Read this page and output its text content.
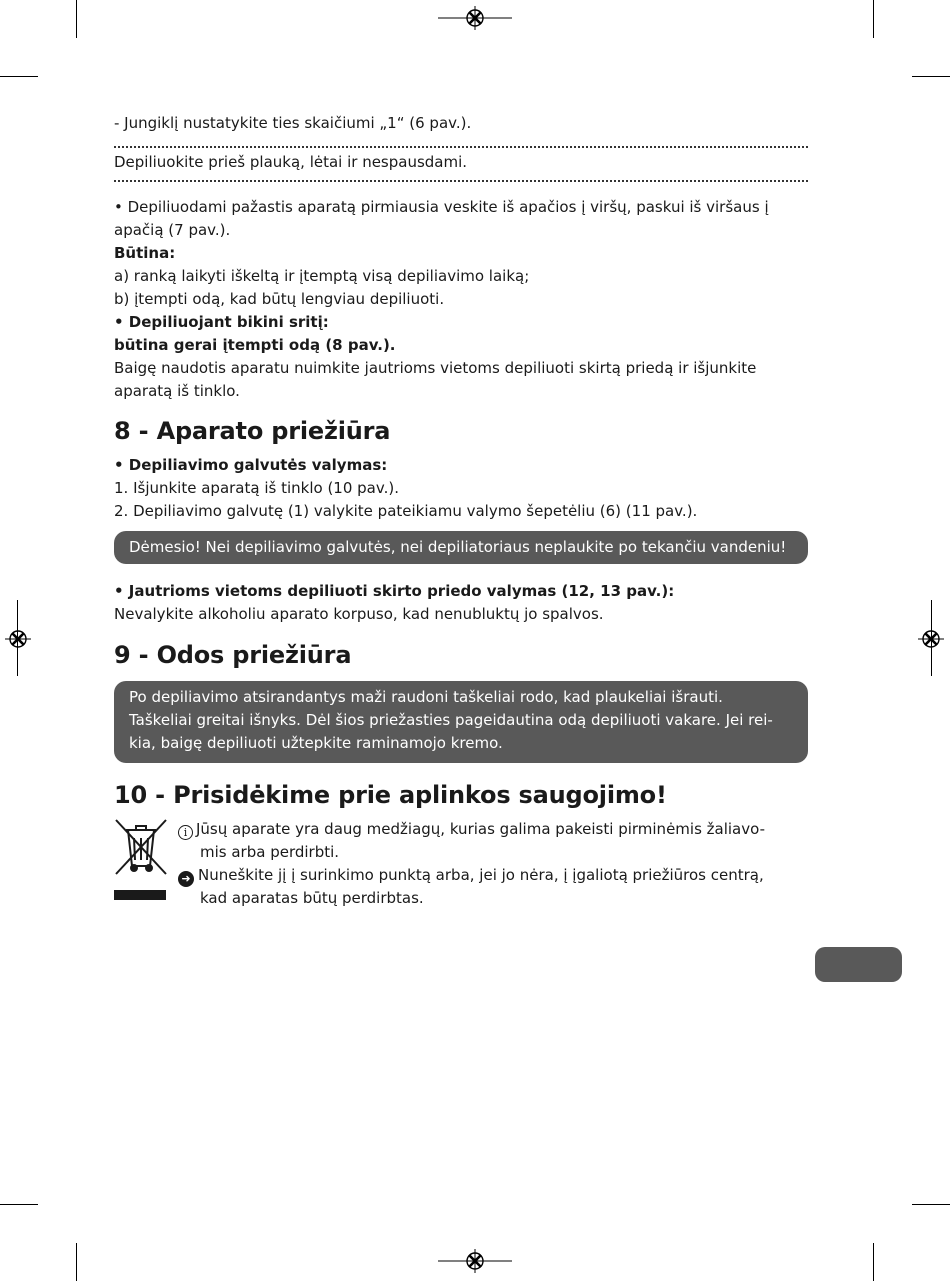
- Jungiklį nustatykite ties skaičiumi „1“ (6 pav.).

Depiliuokite prieš plauką, lėtai ir nespausdami.

• Depiliuodami pažastis aparatą pirmiausia veskite iš apačios į viršų, paskui iš viršaus į

apačią (7 pav.).

Būtina:

a) ranką laikyti iškeltą ir įtemptą visą depiliavimo laiką;

b) įtempti odą, kad būtų lengviau depiliuoti.

• Depiliuojant bikini sritį:

būtina gerai įtempti odą (8 pav.).

Baigę naudotis aparatu nuimkite jautrioms vietoms depiliuoti skirtą priedą ir išjunkite

aparatą iš tinklo.

8 - Aparato priežiūra

• Depiliavimo galvutės valymas:

1. Išjunkite aparatą iš tinklo (10 pav.).

2. Depiliavimo galvutę (1) valykite pateikiamu valymo šepetėliu (6) (11 pav.).

Dėmesio! Nei depiliavimo galvutės, nei depiliatoriaus neplaukite po tekančiu vandeniu!

• Jautrioms vietoms depiliuoti skirto priedo valymas (12, 13 pav.):

Nevalykite alkoholiu aparato korpuso, kad nenubluktų jo spalvos.

9 - Odos priežiūra

Po depiliavimo atsirandantys maži raudoni taškeliai rodo, kad plaukeliai išrauti.

Taškeliai greitai išnyks. Dėl šios priežasties pageidautina odą depiliuoti vakare. Jei rei-

kia, baigę depiliuoti užtepkite raminamojo kremo.

10 - Prisidėkime prie aplinkos saugojimo!

i Jūsų aparate yra daug medžiagų, kurias galima pakeisti pirminėmis žaliavo-

mis arba perdirbti.

➜ Nuneškite jį į surinkimo punktą arba, jei jo nėra, į įgaliotą priežiūros centrą,

kad aparatas būtų perdirbtas.
